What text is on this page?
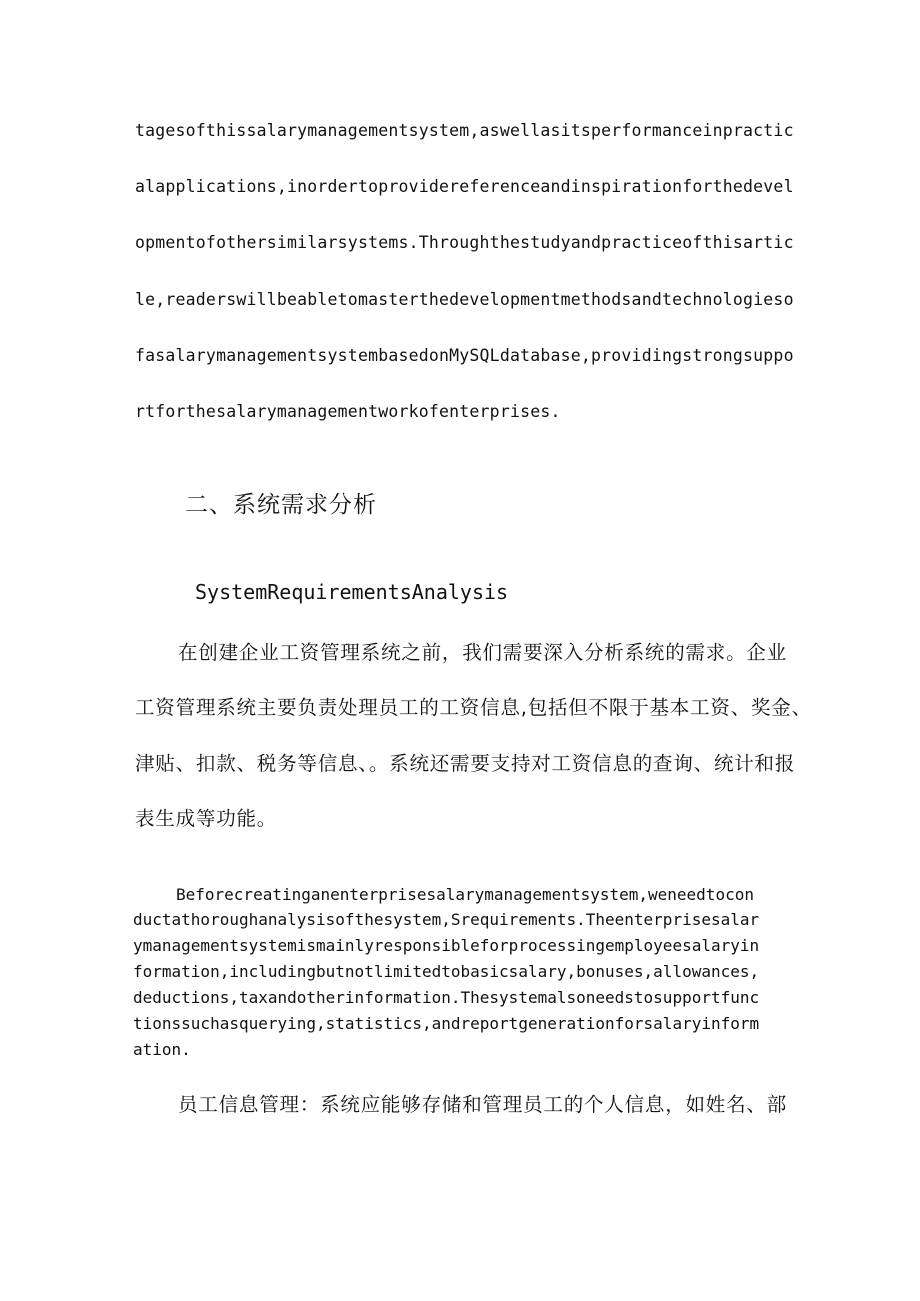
tagesofthissalarymanagementsystem,aswellasitsperformanceinpractic
alapplications,inordertoprovidereferenceandinspirationforthedevel
opmentofothersimilarsystems.Throughthestudyandpracticeofthisartic
le,readerswillbeabletomasterthedevelopmentmethodsandtechnologieso
fasalarymanagementsystembasedonMySQLdatabase,providingstrongsuppo
rtforthesalarymanagementworkofenterprises.
二、系统需求分析
SystemRequirementsAnalysis
在创建企业工资管理系统之前，我们需要深入分析系统的需求。企业
工资管理系统主要负责处理员工的工资信息,包括但不限于基本工资、奖金、
津贴、扣款、税务等信息、。系统还需要支持对工资信息的查询、统计和报
表生成等功能。
Beforecreatinganenterprisesalarymanagementsystem,weneedtocon
ductathoroughanalysisofthesystem,Srequirements.Theenterprisesalar
ymanagementsystemismainlyresponsibleforprocessingemployeesalaryin
formation,includingbutnotlimitedtobasicsalary,bonuses,allowances,
deductions,taxandotherinformation.Thesystemalsoneedstosupportfunc
tionssuchasquerying,statistics,andreportgenerationforsalaryinform
ation.
员工信息管理：系统应能够存储和管理员工的个人信息，如姓名、部
